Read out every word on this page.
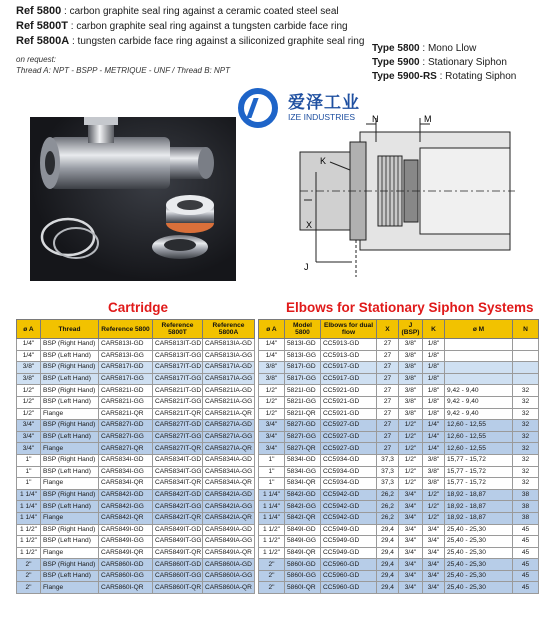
Ref 5800 : carbon graphite seal ring against a ceramic coated steel seal
Ref 5800T : carbon graphite seal ring against a tungsten carbide face ring
Ref 5800A : tungsten carbide face ring against a siliconized graphite seal ring
on request:
Thread A: NPT - BSPP - METRIQUE - UNF / Thread B: NPT
Type 5800 : Mono Llow
Type 5900 : Stationary Siphon
Type 5900-RS : Rotating Siphon
爱泽工业
IZE INDUSTRIES N	M
K
X
J
Cartridge	Elbows for Stationary Siphon Systems
ø A	Thread	Reference 5800	Reference 5800T	Reference 5800A		ø A	Model 5800	Elbows for dual flow	X	J (BSP)	K	ø M	N
1/4"	BSP (Right Hand)	CAR5813I-GD	CAR5813IT-GD	CAR5813IA-GD		1/4"	5813I-GD	CC5913-GD	27	3/8"	1/8"		
1/4"	BSP (Left Hand)	CAR5813I-GG	CAR5813IT-GG	CAR5813IA-GG		1/4"	5813I-GG	CC5913-GD	27	3/8"	1/8"		
3/8"	BSP (Right Hand)	CAR5817I-GD	CAR5817IT-GD	CAR5817IA-GD		3/8"	5817I-GD	CC5917-GD	27	3/8"	1/8"		
3/8"	BSP (Left Hand)	CAR5817I-GG	CAR5817IT-GG	CAR5817IA-GG		3/8"	5817I-GG	CC5917-GD	27	3/8"	1/8"		
1/2"	BSP (Right Hand)	CAR5821I-GD	CAR5821IT-GD	CAR5821IA-GD		1/2"	5821I-GD	CC5921-GD	27	3/8"	1/8"	9,42 - 9,40	32
1/2"	BSP (Left Hand)	CAR5821I-GG	CAR5821IT-GG	CAR5821IA-GG		1/2"	5821I-GG	CC5921-GD	27	3/8"	1/8"	9,42 - 9,40	32
1/2"	Flange	CAR5821I-QR	CAR5821IT-QR	CAR5821IA-QR		1/2"	5821I-QR	CC5921-GD	27	3/8"	1/8"	9,42 - 9,40	32
3/4"	BSP (Right Hand)	CAR5827I-GD	CAR5827IT-GD	CAR5827IA-GD		3/4"	5827I-GD	CC5927-GD	27	1/2"	1/4"	12,60 - 12,55	32
3/4"	BSP (Left Hand)	CAR5827I-GG	CAR5827IT-GG	CAR5827IA-GG		3/4"	5827I-GG	CC5927-GD	27	1/2"	1/4"	12,60 - 12,55	32
3/4"	Flange	CAR5827I-QR	CAR5827IT-QR	CAR5827IA-QR		3/4"	5827I-QR	CC5927-GD	27	1/2"	1/4"	12,60 - 12,55	32
1"	BSP (Right Hand)	CAR5834I-GD	CAR5834IT-GD	CAR5834IA-GD		1"	5834I-GD	CC5934-GD	37,3	1/2"	3/8"	15,77 - 15,72	32
1"	BSP (Left Hand)	CAR5834I-GG	CAR5834IT-GG	CAR5834IA-GG		1"	5834I-GG	CC5934-GD	37,3	1/2"	3/8"	15,77 - 15,72	32
1"	Flange	CAR5834I-QR	CAR5834IT-QR	CAR5834IA-QR		1"	5834I-QR	CC5934-GD	37,3	1/2"	3/8"	15,77 - 15,72	32
1 1/4"	BSP (Right Hand)	CAR5842I-GD	CAR5842IT-GD	CAR5842IA-GD		1 1/4"	5842I-GD	CC5942-GD	26,2	3/4"	1/2"	18,92 - 18,87	38
1 1/4"	BSP (Left Hand)	CAR5842I-GG	CAR5842IT-GG	CAR5842IA-GG		1 1/4"	5842I-GG	CC5942-GD	26,2	3/4"	1/2"	18,92 - 18,87	38
1 1/4"	Flange	CAR5842I-QR	CAR5842IT-QR	CAR5842IA-QR		1 1/4"	5842I-QR	CC5942-GD	26,2	3/4"	1/2"	18,92 - 18,87	38
1 1/2"	BSP (Right Hand)	CAR5849I-GD	CAR5849IT-GD	CAR5849IA-GD		1 1/2"	5849I-GD	CC5949-GD	29,4	3/4"	3/4"	25,40 - 25,30	45
1 1/2"	BSP (Left Hand)	CAR5849I-GG	CAR5849IT-GG	CAR5849IA-GG		1 1/2"	5849I-GG	CC5949-GD	29,4	3/4"	3/4"	25,40 - 25,30	45
1 1/2"	Flange	CAR5849I-QR	CAR5849IT-QR	CAR5849IA-QR		1 1/2"	5849I-QR	CC5949-GD	29,4	3/4"	3/4"	25,40 - 25,30	45
2"	BSP (Right Hand)	CAR5860I-GD	CAR5860IT-GD	CAR5860IA-GD		2"	5860I-GD	CC5960-GD	29,4	3/4"	3/4"	25,40 - 25,30	45
2"	BSP (Left Hand)	CAR5860I-GG	CAR5860IT-GG	CAR5860IA-GG		2"	5860I-GG	CC5960-GD	29,4	3/4"	3/4"	25,40 - 25,30	45
2"	Flange	CAR5860I-QR	CAR5860IT-QR	CAR5860IA-QR		2"	5860I-QR	CC5960-GD	29,4	3/4"	3/4"	25,40 - 25,30	45
